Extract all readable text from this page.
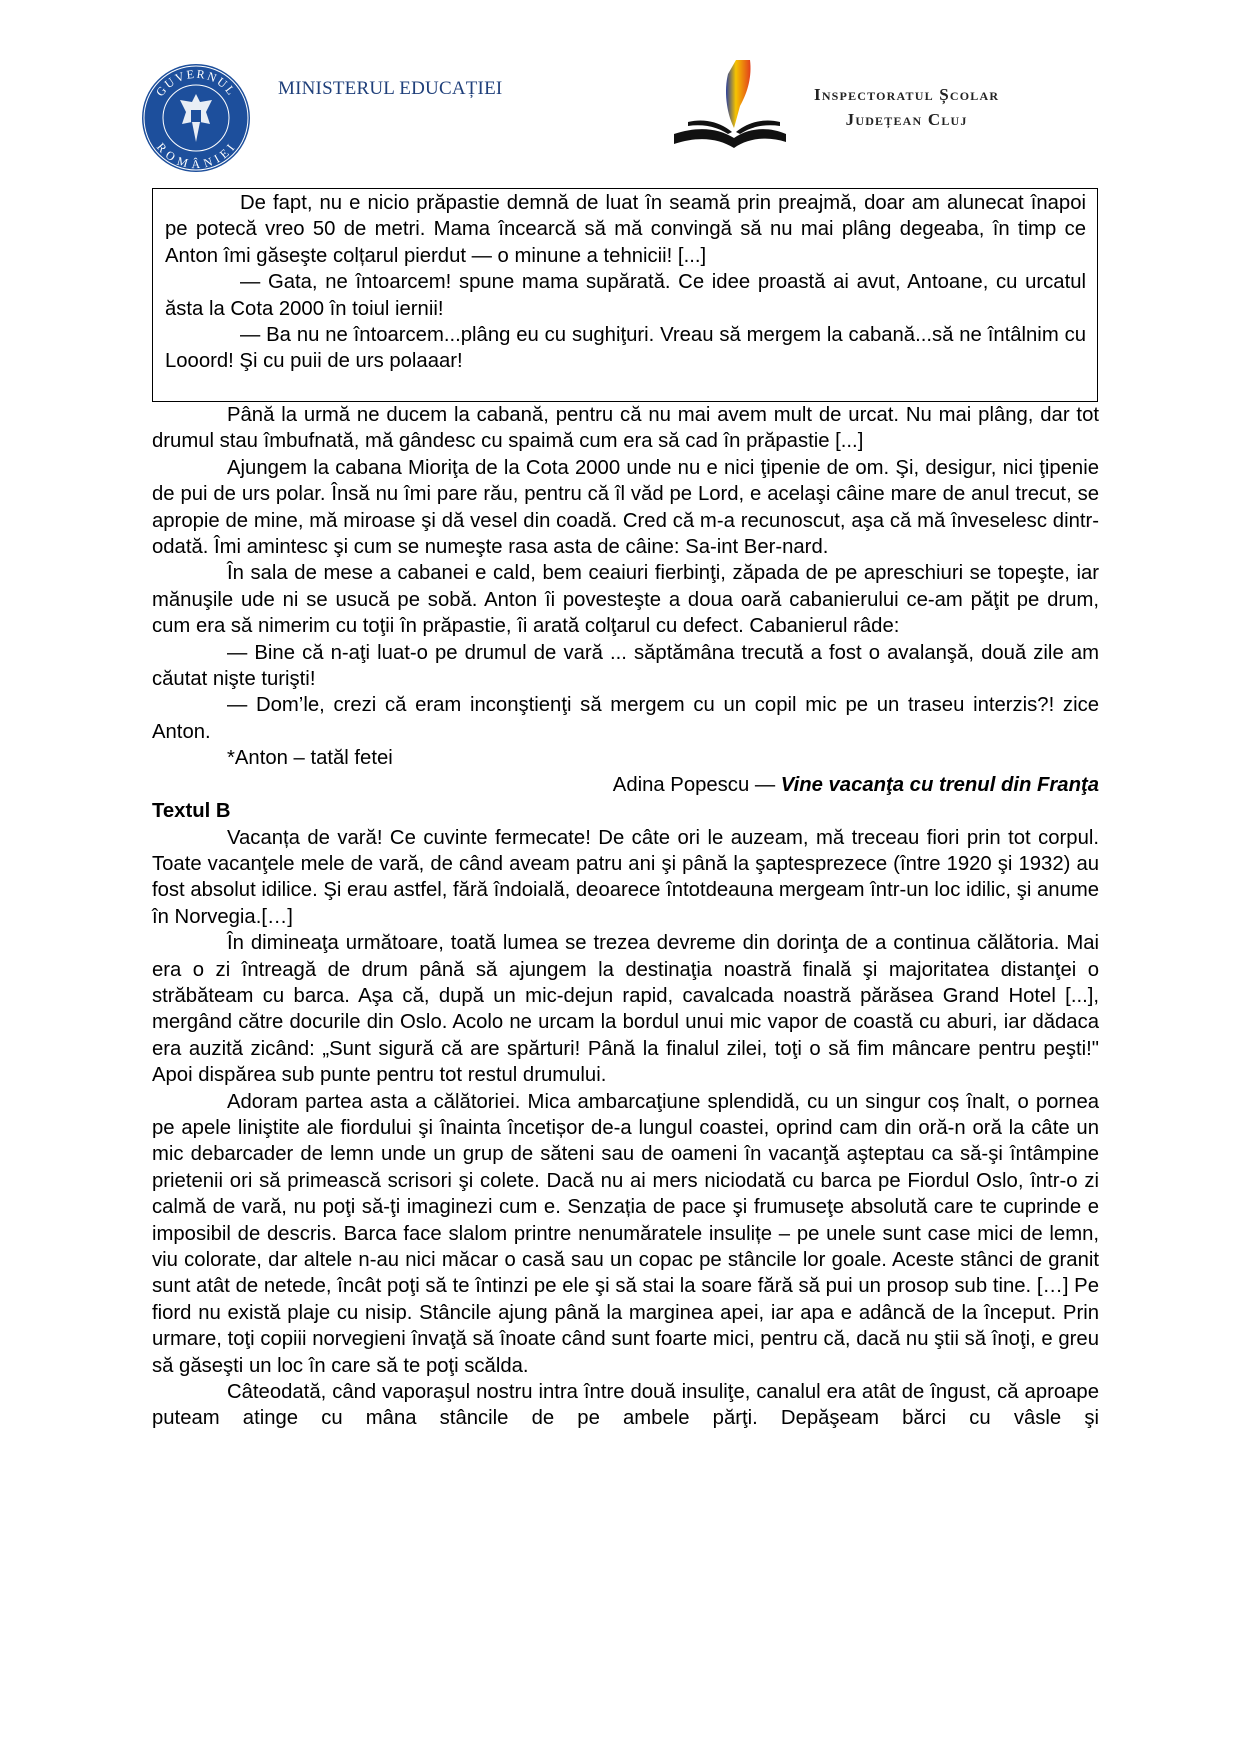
GUVERNUL
ROMÂNIEI
MINISTERUL EDUCAȚIEI	Inspectoratul Școlar
Județean Cluj

De fapt, nu e nicio prăpastie demnă de luat în seamă prin preajmă, doar am alunecat înapoi pe potecă vreo 50 de metri. Mama încearcă să mă convingă să nu mai plâng degeaba, în timp ce Anton îmi găseşte colțarul pierdut — o minune a tehnicii! [...]

— Gata, ne întoarcem! spune mama supărată. Ce idee proastă ai avut, Antoane, cu urcatul ăsta la Cota 2000 în toiul iernii!

— Ba nu ne întoarcem...plâng eu cu sughiţuri. Vreau să mergem la cabană...să ne întâlnim cu Looord! Şi cu puii de urs polaaar!

Până la urmă ne ducem la cabană, pentru că nu mai avem mult de urcat. Nu mai plâng, dar tot drumul stau îmbufnată, mă gândesc cu spaimă cum era să cad în prăpastie [...]

Ajungem la cabana Mioriţa de la Cota 2000 unde nu e nici ţipenie de om. Şi, desigur, nici ţipenie de pui de urs polar. Însă nu îmi pare rău, pentru că îl văd pe Lord, e acelaşi câine mare de anul trecut, se apropie de mine, mă miroase şi dă vesel din coadă. Cred că m-a recunoscut, aşa că mă înveselesc dintr-odată. Îmi amintesc şi cum se numeşte rasa asta de câine: Sa-int Ber-nard.

În sala de mese a cabanei e cald, bem ceaiuri fierbinţi, zăpada de pe apreschiuri se topeşte, iar mănuşile ude ni se usucă pe sobă. Anton îi povesteşte a doua oară cabanierului ce-am păţit pe drum, cum era să nimerim cu toţii în prăpastie, îi arată colţarul cu defect. Cabanierul râde:

— Bine că n-aţi luat-o pe drumul de vară ... săptămâna trecută a fost o avalanşă, două zile am căutat nişte turişti!

— Dom’le, crezi că eram inconştienţi să mergem cu un copil mic pe un traseu interzis?! zice Anton.

*Anton – tatăl fetei

Adina Popescu — Vine vacanţa cu trenul din Franţa

Textul B

Vacanța de vară! Ce cuvinte fermecate! De câte ori le auzeam, mă treceau fiori prin tot corpul. Toate vacanţele mele de vară, de când aveam patru ani şi până la şaptesprezece (între 1920 şi 1932) au fost absolut idilice. Şi erau astfel, fără îndoială, deoarece întotdeauna mergeam într-un loc idilic, şi anume în Norvegia.[…]

În dimineaţa următoare, toată lumea se trezea devreme din dorinţa de a continua călătoria. Mai era o zi întreagă de drum până să ajungem la destinaţia noastră finală şi majoritatea distanţei o străbăteam cu barca. Aşa că, după un mic-dejun rapid, cavalcada noastră părăsea Grand Hotel [...], mergând către docurile din Oslo. Acolo ne urcam la bordul unui mic vapor de coastă cu aburi, iar dădaca era auzită zicând: „Sunt sigură că are spărturi! Până la finalul zilei, toţi o să fim mâncare pentru peşti!" Apoi dispărea sub punte pentru tot restul drumului.

Adoram partea asta a călătoriei. Mica ambarcaţiune splendidă, cu un singur coș înalt, o pornea pe apele liniştite ale fiordului şi înainta încetișor de-a lungul coastei, oprind cam din oră-n oră la câte un mic debarcader de lemn unde un grup de săteni sau de oameni în vacanţă aşteptau ca să-şi întâmpine prietenii ori să primească scrisori şi colete. Dacă nu ai mers niciodată cu barca pe Fiordul Oslo, într-o zi calmă de vară, nu poţi să-ţi imaginezi cum e. Senzația de pace şi frumuseţe absolută care te cuprinde e imposibil de descris. Barca face slalom printre nenumăratele insulițe – pe unele sunt case mici de lemn, viu colorate, dar altele n-au nici măcar o casă sau un copac pe stâncile lor goale. Aceste stânci de granit sunt atât de netede, încât poţi să te întinzi pe ele şi să stai la soare fără să pui un prosop sub tine. […] Pe fiord nu există plaje cu nisip. Stâncile ajung până la marginea apei, iar apa e adâncă de la început. Prin urmare, toţi copiii norvegieni învaţă să înoate când sunt foarte mici, pentru că, dacă nu ştii să înoţi, e greu să găseşti un loc în care să te poţi scălda.

Câteodată, când vaporaşul nostru intra între două insuliţe, canalul era atât de îngust, că aproape puteam atinge cu mâna stâncile de pe ambele părţi. Depăşeam bărci cu vâsle şi
